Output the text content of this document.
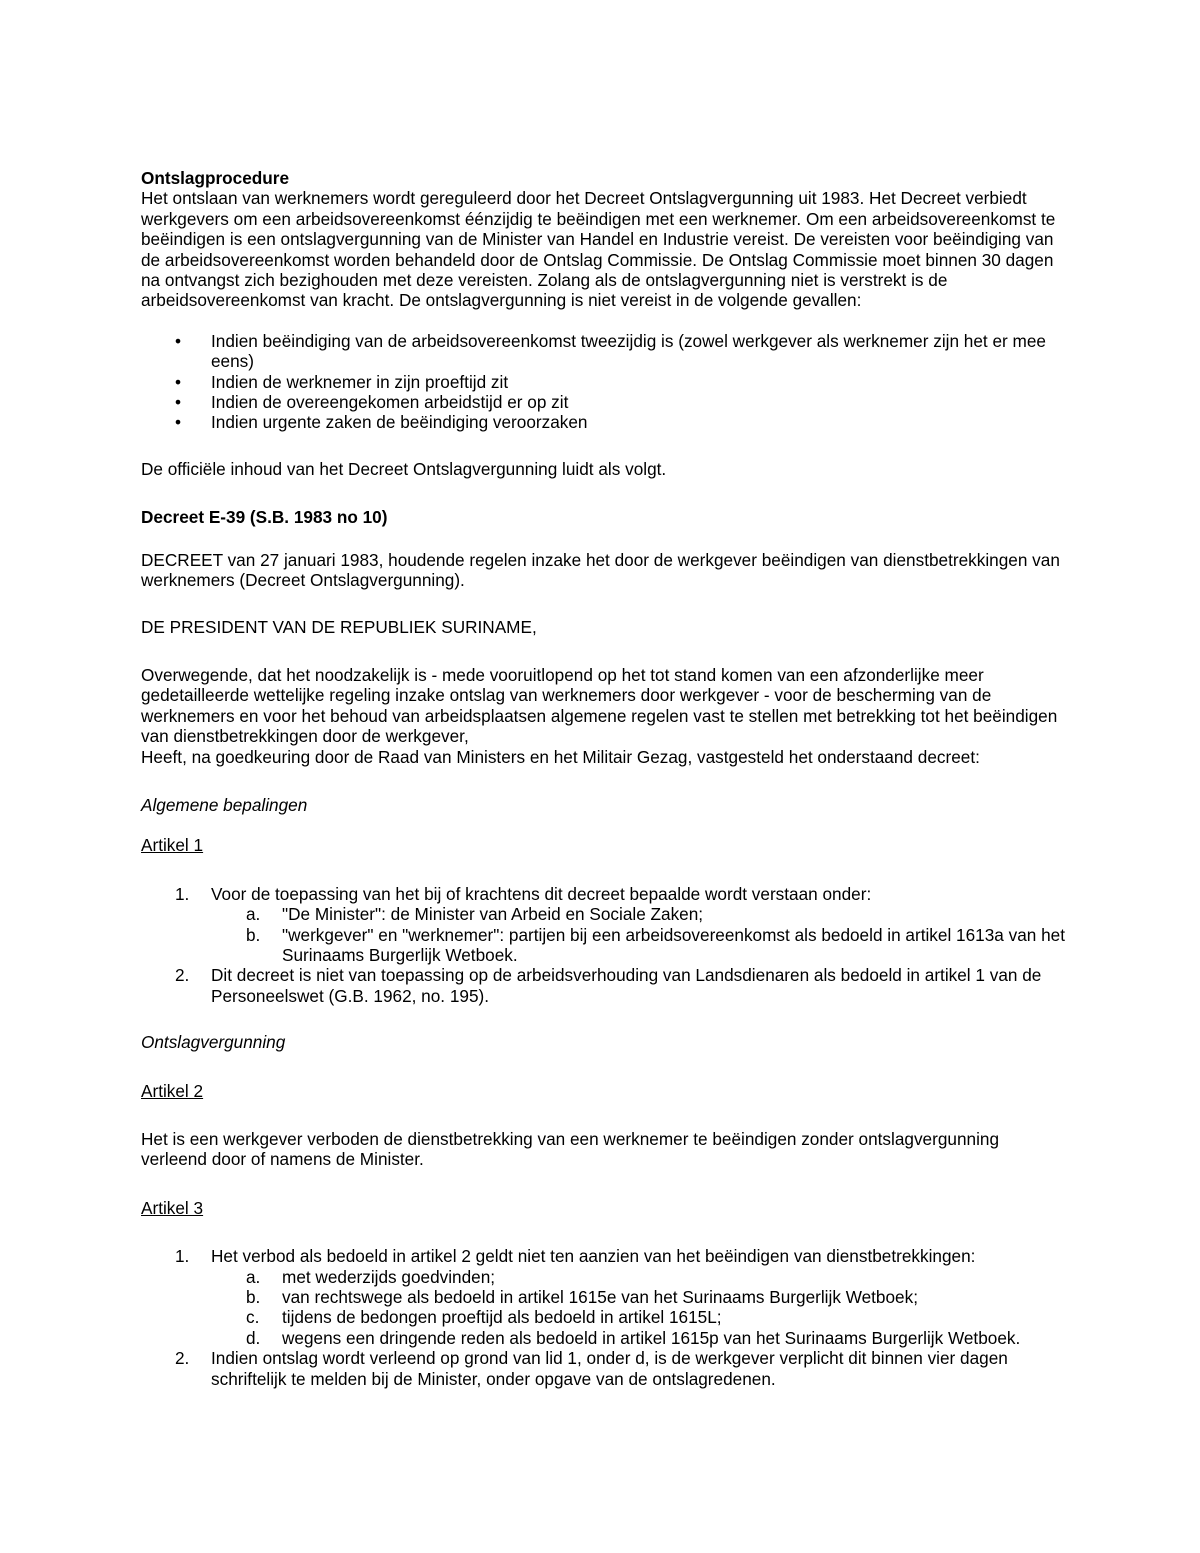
Ontslagprocedure

Het ontslaan van werknemers wordt gereguleerd door het Decreet Ontslagvergunning uit 1983. Het Decreet verbiedt werkgevers om een arbeidsovereenkomst éénzijdig te beëindigen met een werknemer. Om een arbeidsovereenkomst te beëindigen is een ontslagvergunning van de Minister van Handel en Industrie vereist. De vereisten voor beëindiging van de arbeidsovereenkomst worden behandeld door de Ontslag Commissie. De Ontslag Commissie moet binnen 30 dagen na ontvangst zich bezighouden met deze vereisten. Zolang als de ontslagvergunning niet is verstrekt is de arbeidsovereenkomst van kracht. De ontslagvergunning is niet vereist in de volgende gevallen:

• Indien beëindiging van de arbeidsovereenkomst tweezijdig is (zowel werkgever als werknemer zijn het er mee eens)
• Indien de werknemer in zijn proeftijd zit
• Indien de overeengekomen arbeidstijd er op zit
• Indien urgente zaken de beëindiging veroorzaken

De officiële inhoud van het Decreet Ontslagvergunning luidt als volgt.

Decreet E-39 (S.B. 1983 no 10)

DECREET van 27 januari 1983, houdende regelen inzake het door de werkgever beëindigen van dienstbetrekkingen van werknemers (Decreet Ontslagvergunning).

DE PRESIDENT VAN DE REPUBLIEK SURINAME,

Overwegende, dat het noodzakelijk is - mede vooruitlopend op het tot stand komen van een afzonderlijke meer gedetailleerde wettelijke regeling inzake ontslag van werknemers door werkgever - voor de bescherming van de werknemers en voor het behoud van arbeidsplaatsen algemene regelen vast te stellen met betrekking tot het beëindigen van dienstbetrekkingen door de werkgever,

Heeft, na goedkeuring door de Raad van Ministers en het Militair Gezag, vastgesteld het onderstaand decreet:

Algemene bepalingen

Artikel 1

1. Voor de toepassing van het bij of krachtens dit decreet bepaalde wordt verstaan onder:
a. "De Minister": de Minister van Arbeid en Sociale Zaken;
b. "werkgever" en "werknemer": partijen bij een arbeidsovereenkomst als bedoeld in artikel 1613a van het Surinaams Burgerlijk Wetboek.
2. Dit decreet is niet van toepassing op de arbeidsverhouding van Landsdienaren als bedoeld in artikel 1 van de Personeelswet (G.B. 1962, no. 195).

Ontslagvergunning

Artikel 2

Het is een werkgever verboden de dienstbetrekking van een werknemer te beëindigen zonder ontslagvergunning verleend door of namens de Minister.

Artikel 3

1. Het verbod als bedoeld in artikel 2 geldt niet ten aanzien van het beëindigen van dienstbetrekkingen:
a. met wederzijds goedvinden;
b. van rechtswege als bedoeld in artikel 1615e van het Surinaams Burgerlijk Wetboek;
c. tijdens de bedongen proeftijd als bedoeld in artikel 1615L;
d. wegens een dringende reden als bedoeld in artikel 1615p van het Surinaams Burgerlijk Wetboek.
2. Indien ontslag wordt verleend op grond van lid 1, onder d, is de werkgever verplicht dit binnen vier dagen schriftelijk te melden bij de Minister, onder opgave van de ontslagredenen.
